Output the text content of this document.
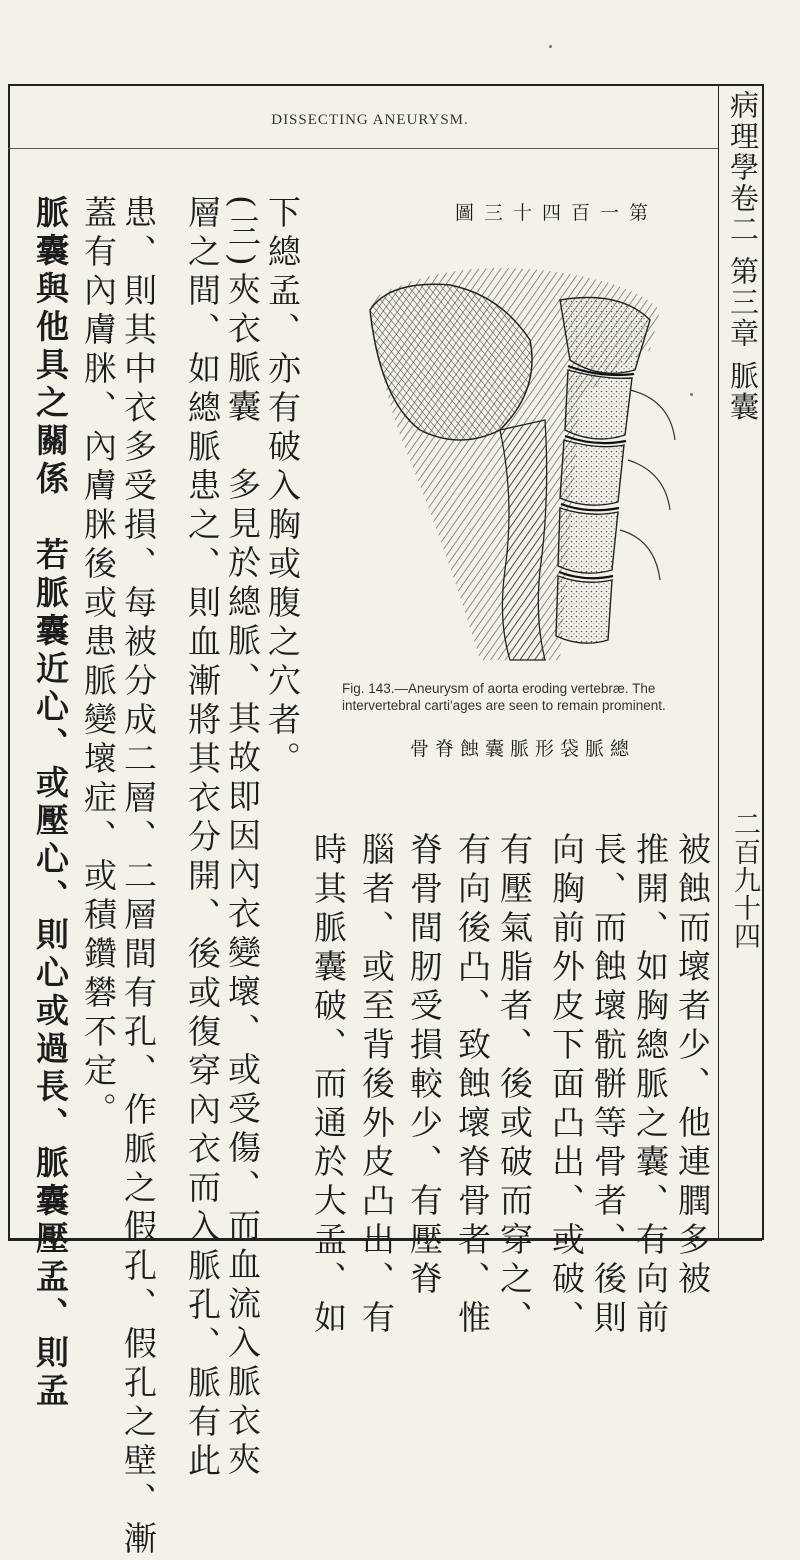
DISSECTING ANEURYSM.	病理學卷二 第三章 脈囊
二百九十四
下總孟、亦有破入胸或腹之穴者。
(三)夾衣脈囊　多見於總脈、其故即因內衣變壞、或受傷、而血流入脈衣夾
層之間、如總脈患之、則血漸將其衣分開、後或復穿內衣而入脈孔、脈有此
患、則其中衣多受損、每被分成二層、二層間有孔、作脈之假孔、假孔之壁、漸
蓋有內膚脒、內膚脒後或患脈變壞症、或積鑽礬不定。
脈囊與他具之關係　若脈囊近心、或壓心、則心或過長、脈囊壓孟、則孟	第一百四十三圖
Fig. 143.—Aneurysm of aorta eroding vertebræ. The intervertebral carti'ages are seen to remain prominent.
總脈袋形脈囊蝕脊骨
被蝕而壞者少、他連膶多被
推開、如胸總脈之囊、有向前
長、而蝕壞骯骿等骨者、後則
向胸前外皮下面凸出、或破、
有壓氣脂者、後或破而穿之、
有向後凸、致蝕壞脊骨者、惟
脊骨間肕受損較少、有壓脊
腦者、或至背後外皮凸出、有
時其脈囊破、而通於大孟、如
